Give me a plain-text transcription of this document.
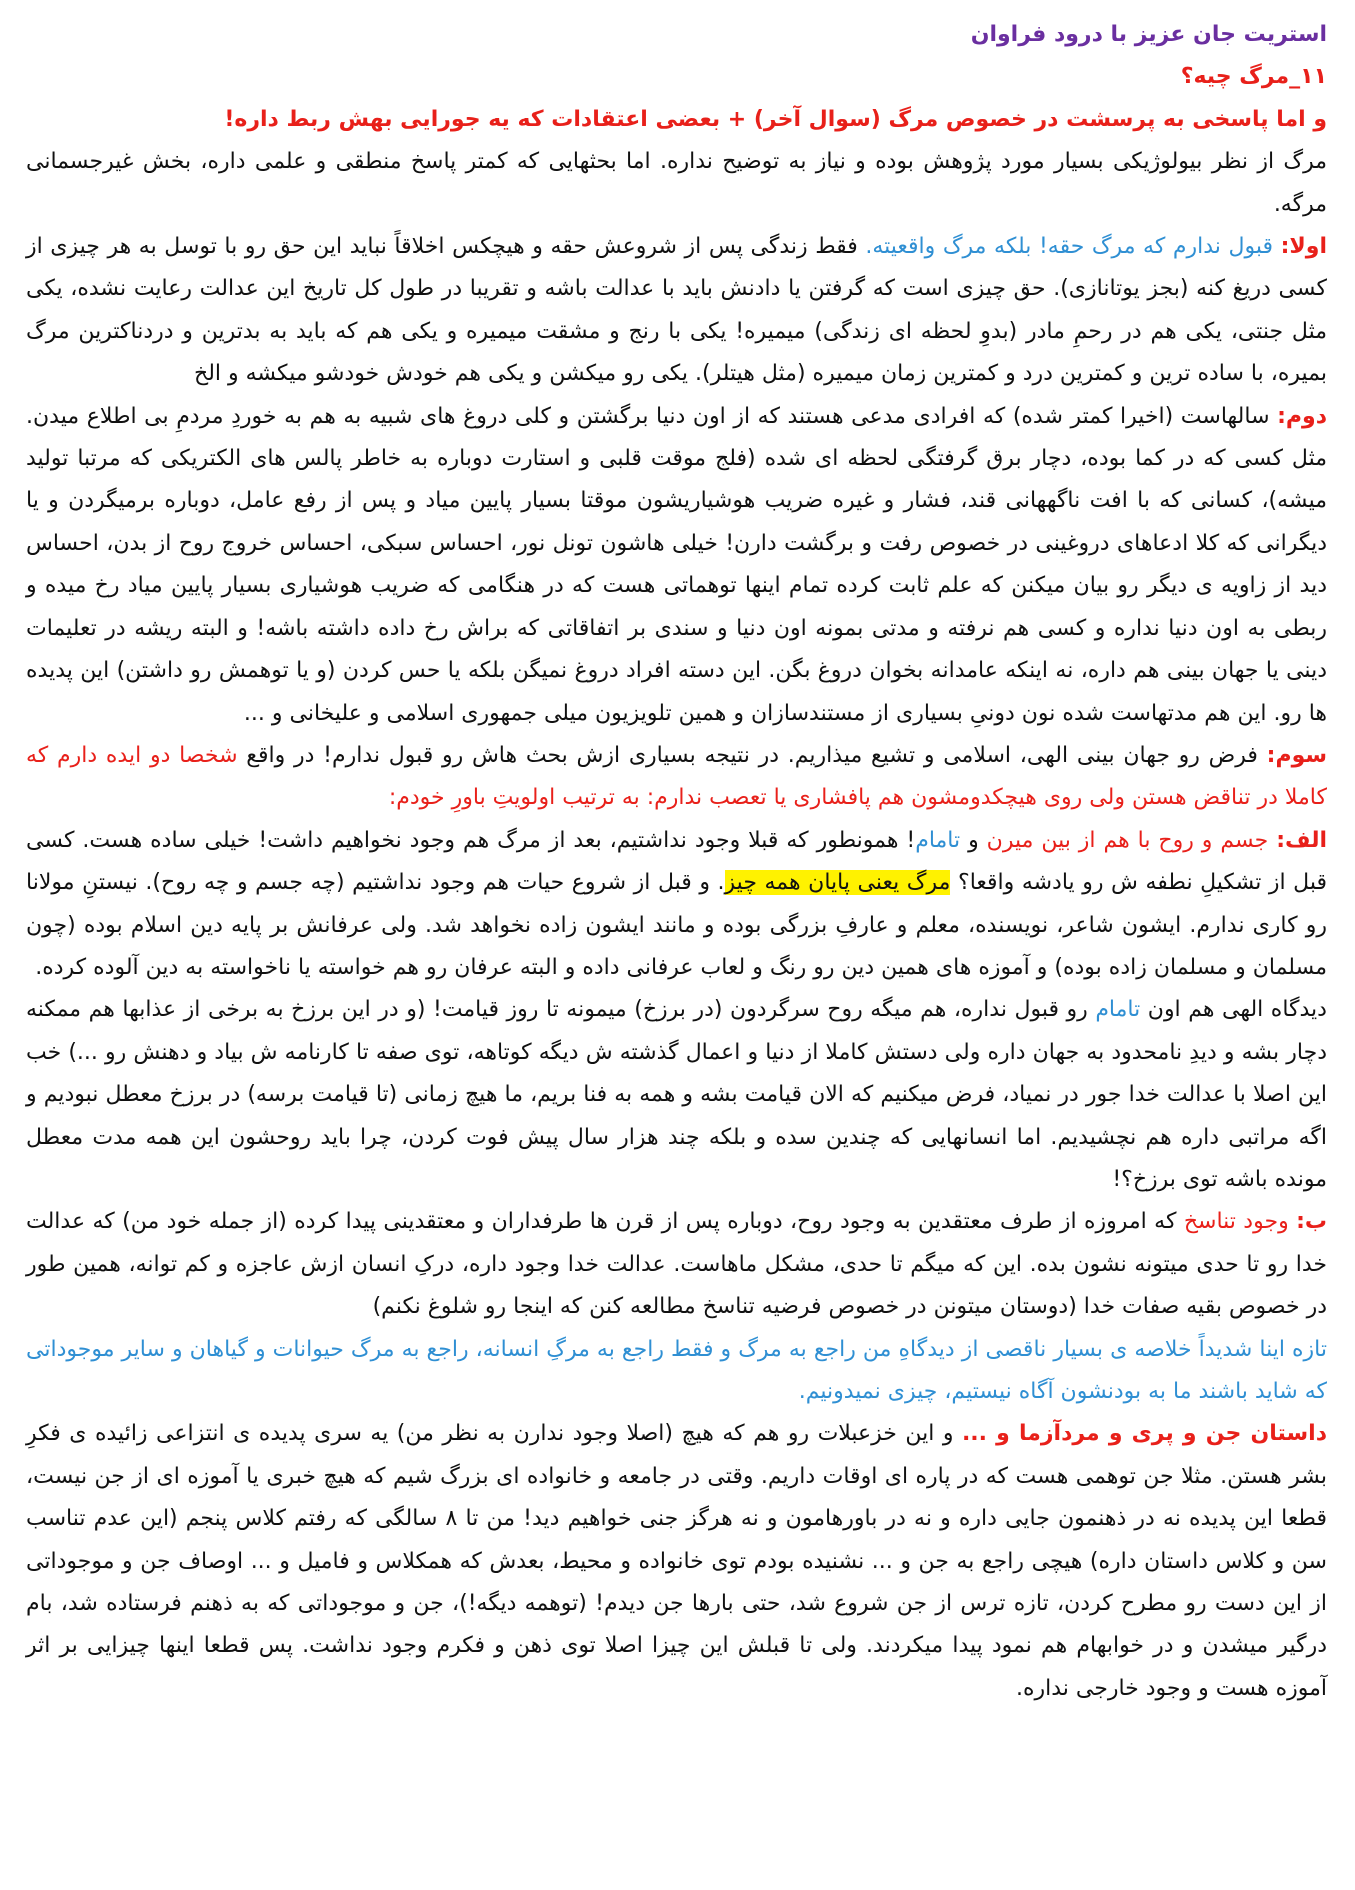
استریت جان عزیز با درود فراوان

۱۱_مرگ چیه؟

و اما پاسخی به پرسشت در خصوص مرگ (سوال آخر) + بعضی اعتقادات که یه جورایی بهش ربط داره!

مرگ از نظر بیولوژیکی بسیار مورد پژوهش بوده و نیاز به توضیح نداره. اما بحثهایی که کمتر پاسخ منطقی و علمی داره، بخش غیرجسمانی مرگه.

اولا: قبول ندارم که مرگ حقه! بلکه مرگ واقعیته. فقط زندگی پس از شروعش حقه و هیچکس اخلاقاً نباید این حق رو با توسل به هر چیزی از کسی دریغ کنه (بجز یوتانازی). حق چیزی است که گرفتن یا دادنش باید با عدالت باشه و تقریبا در طول کل تاریخ این عدالت رعایت نشده، یکی مثل جنتی، یکی هم در رحمِ مادر (بدوِ لحظه ای زندگی) میمیره! یکی با رنج و مشقت میمیره و یکی هم که باید به بدترین و دردناکترین مرگ بمیره، با ساده ترین و کمترین درد و کمترین زمان میمیره (مثل هیتلر). یکی رو میکشن و یکی هم خودش خودشو میکشه و الخ

دوم: سالهاست (اخیرا کمتر شده) که افرادی مدعی هستند که از اون دنیا برگشتن و کلی دروغ های شبیه به هم به خوردِ مردمِ بی اطلاع میدن. مثل کسی که در کما بوده، دچار برق گرفتگی لحظه ای شده (فلج موقت قلبی و استارت دوباره به خاطر پالس های الکتریکی که مرتبا تولید میشه)، کسانی که با افت ناگههانی قند، فشار و غیره ضریب هوشیاریشون موقتا بسیار پایین میاد و پس از رفع عامل، دوباره برمیگردن و یا دیگرانی که کلا ادعاهای دروغینی در خصوص رفت و برگشت دارن! خیلی هاشون تونل نور، احساس سبکی، احساس خروج روح از بدن، احساس دید از زاویه ی دیگر رو بیان میکنن که علم ثابت کرده تمام اینها توهماتی هست که در هنگامی که ضریب هوشیاری بسیار پایین میاد رخ میده و ربطی به اون دنیا نداره و کسی هم نرفته و مدتی بمونه اون دنیا و سندی بر اتفاقاتی که براش رخ داده داشته باشه! و البته ریشه در تعلیمات دینی یا جهان بینی هم داره، نه اینکه عامدانه بخوان دروغ بگن. این دسته افراد دروغ نمیگن بلکه یا حس کردن (و یا توهمش رو داشتن) این پدیده ها رو. این هم مدتهاست شده نون دونیِ بسیاری از مستندسازان و همین تلویزیون میلی جمهوری اسلامی و علیخانی و ...

سوم: فرض رو جهان بینی الهی، اسلامی و تشیع میذاریم. در نتیجه بسیاری ازش بحث هاش رو قبول ندارم! در واقع شخصا دو ایده دارم که کاملا در تناقض هستن ولی روی هیچکدومشون هم پافشاری یا تعصب ندارم: به ترتیب اولویتِ باورِ خودم:

الف: جسم و روح با هم از بین میرن و تامام! همونطور که قبلا وجود نداشتیم، بعد از مرگ هم وجود نخواهیم داشت! خیلی ساده هست. کسی قبل از تشکیلِ نطفه ش رو یادشه واقعا؟ مرگ یعنی پایان همه چیز. و قبل از شروع حیات هم وجود نداشتیم (چه جسم و چه روح). نیستنِ مولانا رو کاری ندارم. ایشون شاعر، نویسنده، معلم و عارفِ بزرگی بوده و مانند ایشون زاده نخواهد شد. ولی عرفانش بر پایه دین اسلام بوده (چون مسلمان و مسلمان زاده بوده) و آموزه های همین دین رو رنگ و لعاب عرفانی داده و البته عرفان رو هم خواسته یا ناخواسته به دین آلوده کرده.

دیدگاه الهی هم اون تامام رو قبول نداره، هم میگه روح سرگردون (در برزخ) میمونه تا روز قیامت! (و در این برزخ به برخی از عذابها هم ممکنه دچار بشه و دیدِ نامحدود به جهان داره ولی دستش کاملا از دنیا و اعمال گذشته ش دیگه کوتاهه، توی صفه تا کارنامه ش بیاد و دهنش رو ...) خب این اصلا با عدالت خدا جور در نمیاد، فرض میکنیم که الان قیامت بشه و همه به فنا بریم، ما هیچ زمانی (تا قیامت برسه) در برزخ معطل نبودیم و اگه مراتبی داره هم نچشیدیم. اما انسانهایی که چندین سده و بلکه چند هزار سال پیش فوت کردن، چرا باید روحشون این همه مدت معطل مونده باشه توی برزخ؟!

ب: وجود تناسخ که امروزه از طرف معتقدین به وجود روح، دوباره پس از قرن ها طرفداران و معتقدینی پیدا کرده (از جمله خود من) که عدالت خدا رو تا حدی میتونه نشون بده. این که میگم تا حدی، مشکل ماهاست. عدالت خدا وجود داره، درکِ انسان ازش عاجزه و کم توانه، همین طور در خصوص بقیه صفات خدا (دوستان میتونن در خصوص فرضیه تناسخ مطالعه کنن که اینجا رو شلوغ نکنم)

تازه اینا شدیداً خلاصه ی بسیار ناقصی از دیدگاهِ من راجع به مرگ و فقط راجع به مرگِ انسانه، راجع به مرگ حیوانات و گیاهان و سایر موجوداتی که شاید باشند ما به بودنشون آگاه نیستیم، چیزی نمیدونیم.

داستان جن و پری و مردآزما و ... و این خزعبلات رو هم که هیچ (اصلا وجود ندارن به نظر من) یه سری پدیده ی انتزاعی زائیده ی فکرِ بشر هستن. مثلا جن توهمی هست که در پاره ای اوقات داریم. وقتی در جامعه و خانواده ای بزرگ شیم که هیچ خبری یا آموزه ای از جن نیست، قطعا این پدیده نه در ذهنمون جایی داره و نه در باورهامون و نه هرگز جنی خواهیم دید! من تا ۸ سالگی که رفتم کلاس پنجم (این عدم تناسب سن و کلاس داستان داره) هیچی راجع به جن و ... نشنیده بودم توی خانواده و محیط، بعدش که همکلاس و فامیل و ... اوصاف جن و موجوداتی از این دست رو مطرح کردن، تازه ترس از جن شروع شد، حتی بارها جن دیدم! (توهمه دیگه!)، جن و موجوداتی که به ذهنم فرستاده شد، بام درگیر میشدن و در خوابهام هم نمود پیدا میکردند. ولی تا قبلش این چیزا اصلا توی ذهن و فکرم وجود نداشت. پس قطعا اینها چیزایی بر اثر آموزه هست و وجود خارجی نداره.
